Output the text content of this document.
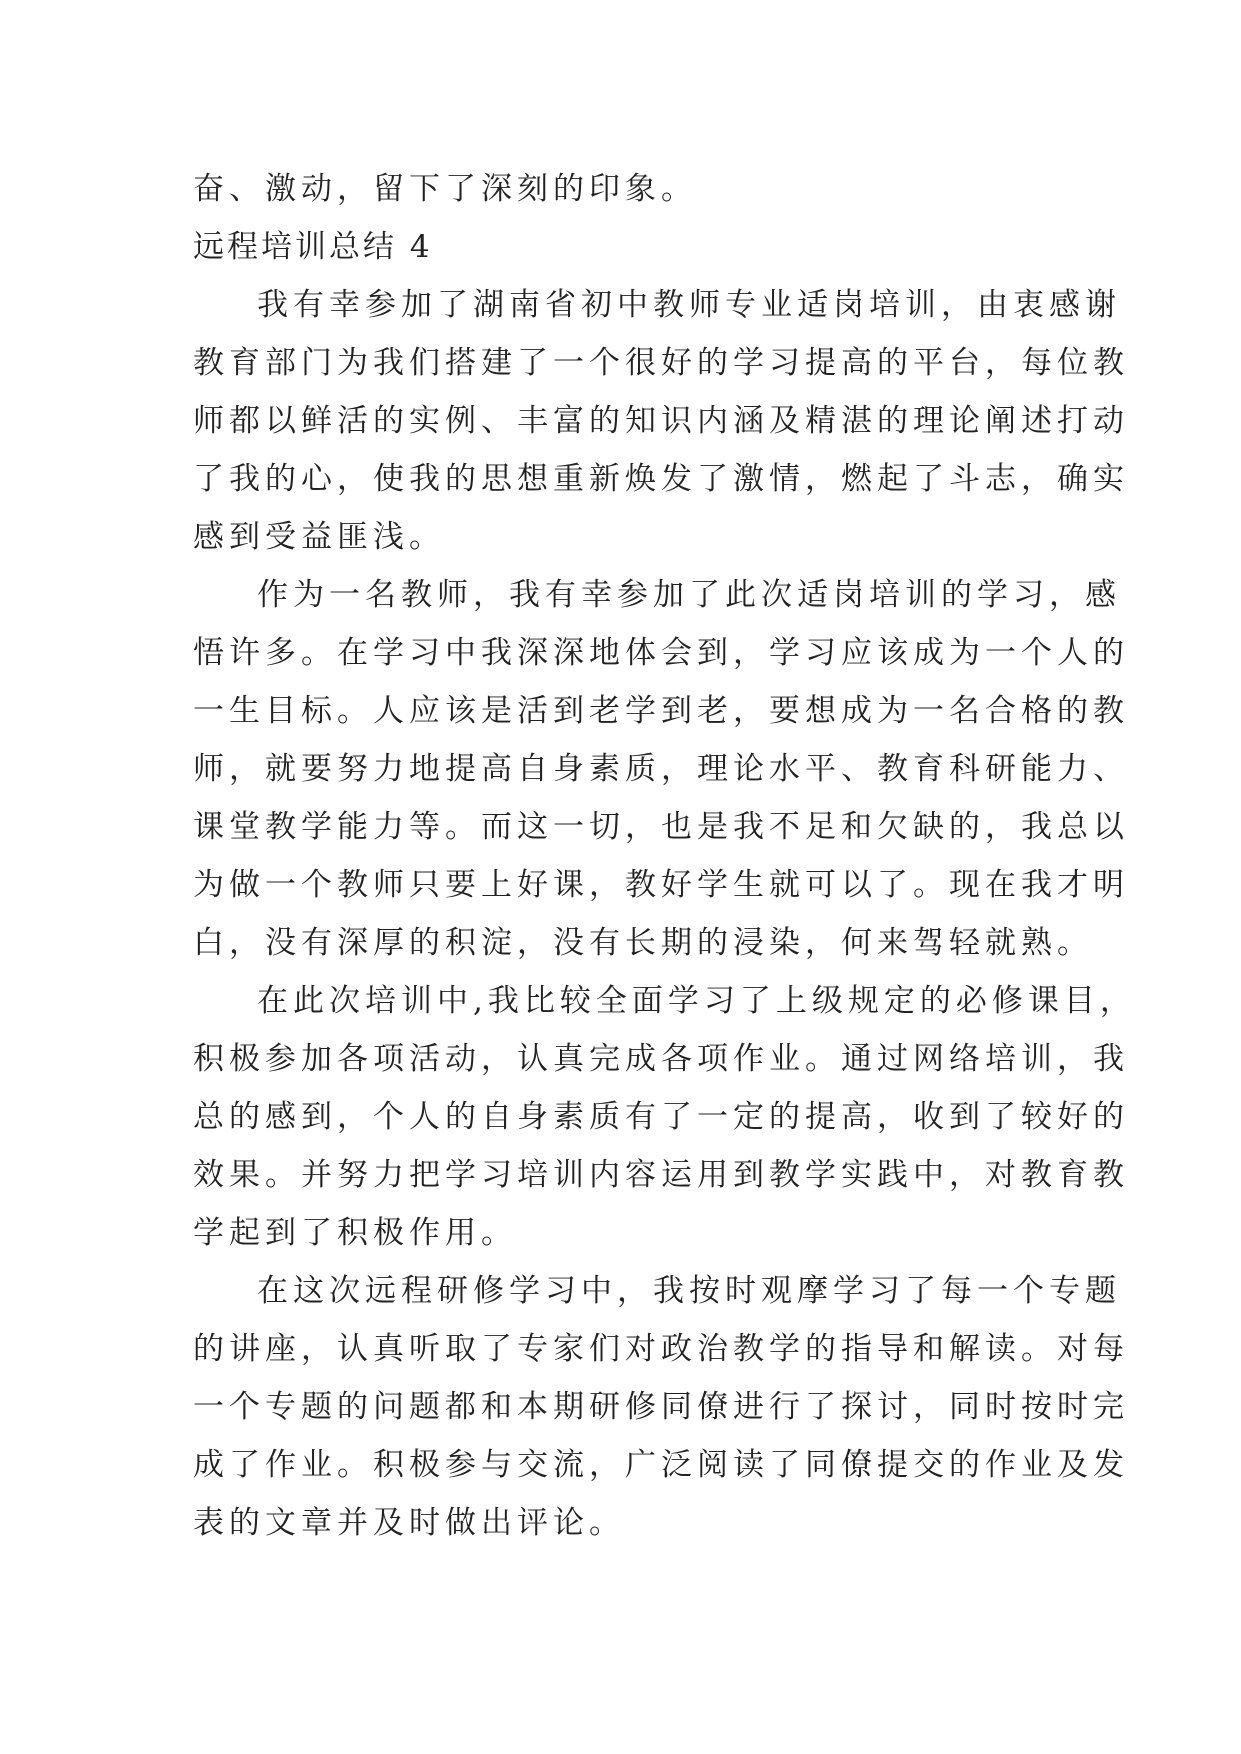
奋、激动，留下了深刻的印象。
远程培训总结 4
我有幸参加了湖南省初中教师专业适岗培训，由衷感谢
教育部门为我们搭建了一个很好的学习提高的平台，每位教
师都以鲜活的实例、丰富的知识内涵及精湛的理论阐述打动
了我的心，使我的思想重新焕发了激情，燃起了斗志，确实
感到受益匪浅。
作为一名教师，我有幸参加了此次适岗培训的学习，感
悟许多。在学习中我深深地体会到，学习应该成为一个人的
一生目标。人应该是活到老学到老，要想成为一名合格的教
师，就要努力地提高自身素质，理论水平、教育科研能力、
课堂教学能力等。而这一切，也是我不足和欠缺的，我总以
为做一个教师只要上好课，教好学生就可以了。现在我才明
白，没有深厚的积淀，没有长期的浸染，何来驾轻就熟。
在此次培训中,我比较全面学习了上级规定的必修课目，
积极参加各项活动，认真完成各项作业。通过网络培训，我
总的感到，个人的自身素质有了一定的提高，收到了较好的
效果。并努力把学习培训内容运用到教学实践中，对教育教
学起到了积极作用。
在这次远程研修学习中，我按时观摩学习了每一个专题
的讲座，认真听取了专家们对政治教学的指导和解读。对每
一个专题的问题都和本期研修同僚进行了探讨，同时按时完
成了作业。积极参与交流，广泛阅读了同僚提交的作业及发
表的文章并及时做出评论。
